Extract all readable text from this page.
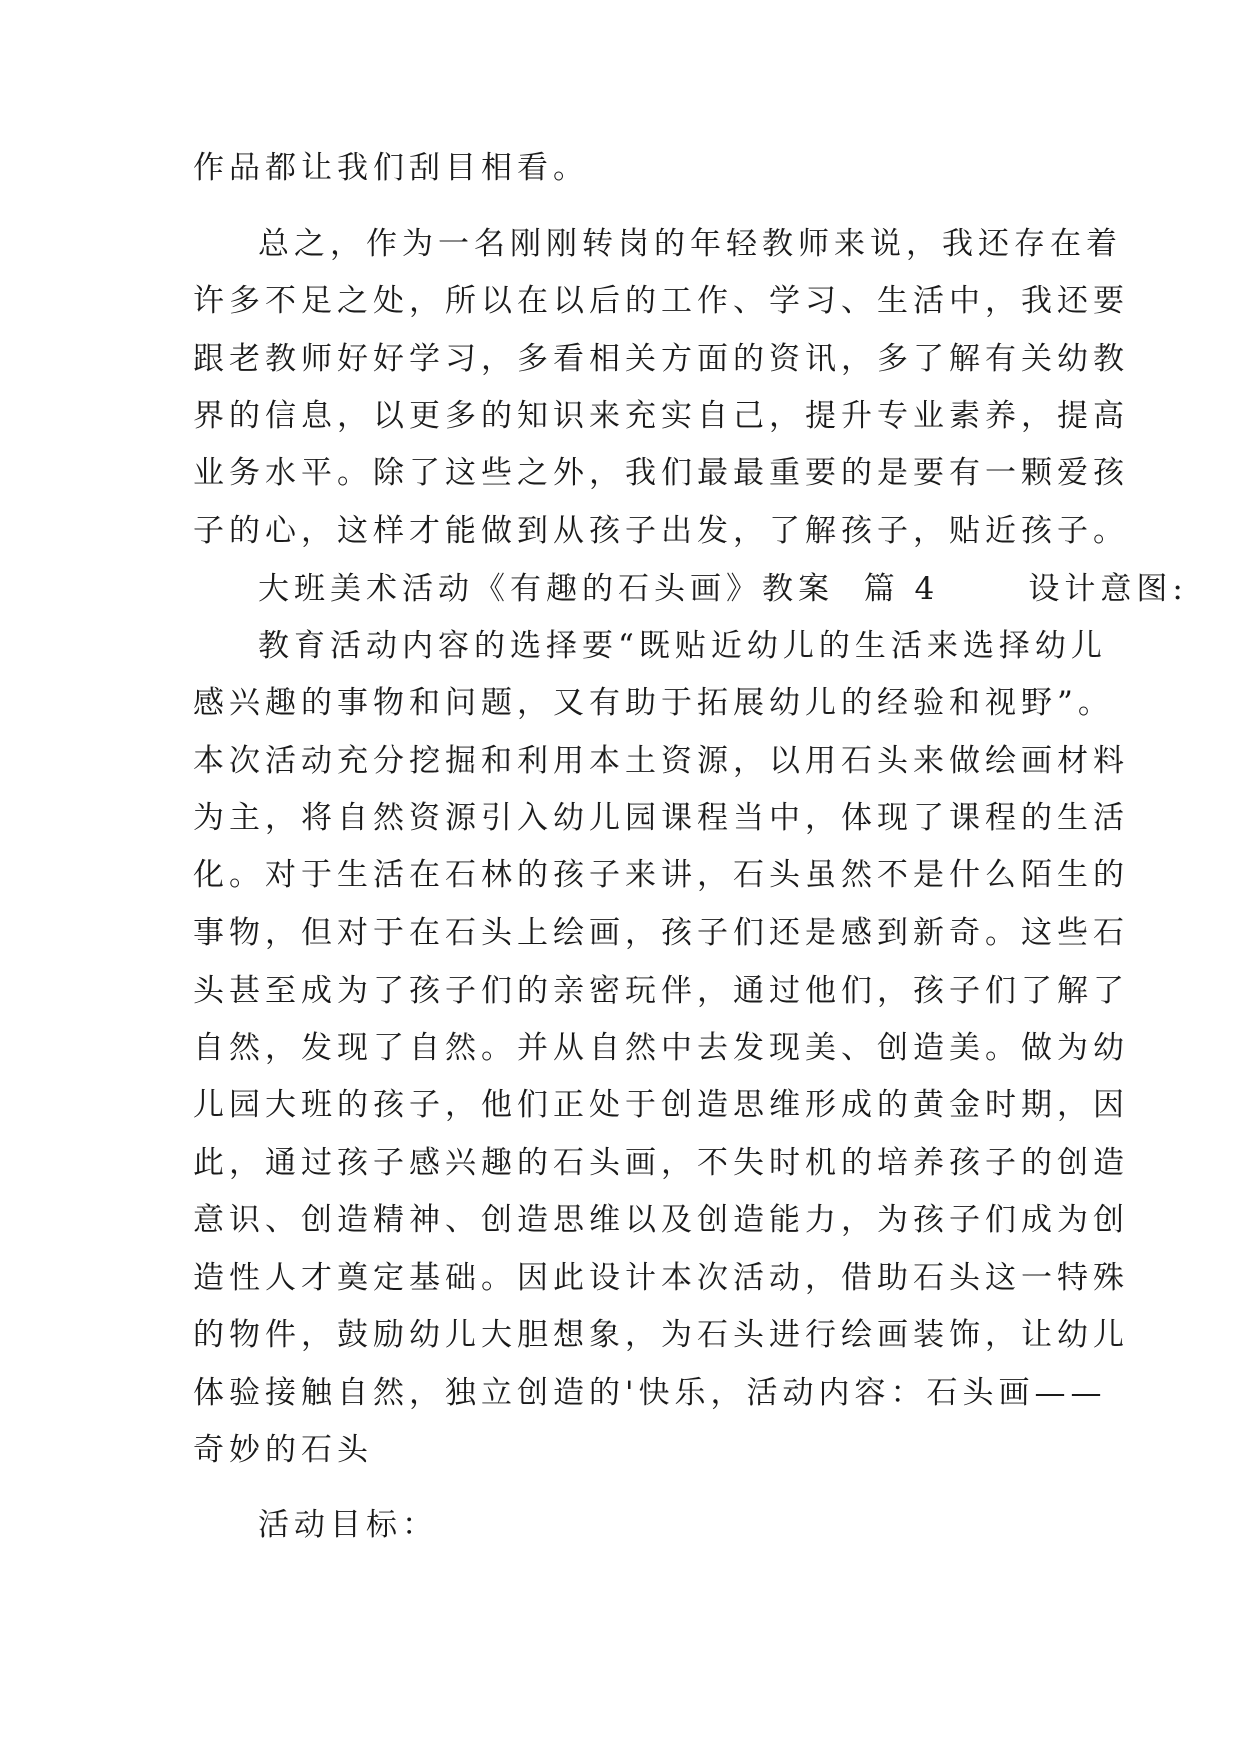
作品都让我们刮目相看。
总之，作为一名刚刚转岗的年轻教师来说，我还存在着
许多不足之处，所以在以后的工作、学习、生活中，我还要
跟老教师好好学习，多看相关方面的资讯，多了解有关幼教
界的信息，以更多的知识来充实自己，提升专业素养，提高
业务水平。除了这些之外，我们最最重要的是要有一颗爱孩
子的心，这样才能做到从孩子出发，了解孩子，贴近孩子。
大班美术活动《有趣的石头画》教案  篇 4      设计意图:
教育活动内容的选择要“既贴近幼儿的生活来选择幼儿
感兴趣的事物和问题，又有助于拓展幼儿的经验和视野”。
本次活动充分挖掘和利用本土资源，以用石头来做绘画材料
为主，将自然资源引入幼儿园课程当中，体现了课程的生活
化。对于生活在石林的孩子来讲，石头虽然不是什么陌生的
事物，但对于在石头上绘画，孩子们还是感到新奇。这些石
头甚至成为了孩子们的亲密玩伴，通过他们，孩子们了解了
自然，发现了自然。并从自然中去发现美、创造美。做为幼
儿园大班的孩子，他们正处于创造思维形成的黄金时期，因
此，通过孩子感兴趣的石头画，不失时机的培养孩子的创造
意识、创造精神、创造思维以及创造能力，为孩子们成为创
造性人才奠定基础。因此设计本次活动，借助石头这一特殊
的物件，鼓励幼儿大胆想象，为石头进行绘画装饰，让幼儿
体验接触自然，独立创造的'快乐，活动内容：石头画——
奇妙的石头
活动目标：
